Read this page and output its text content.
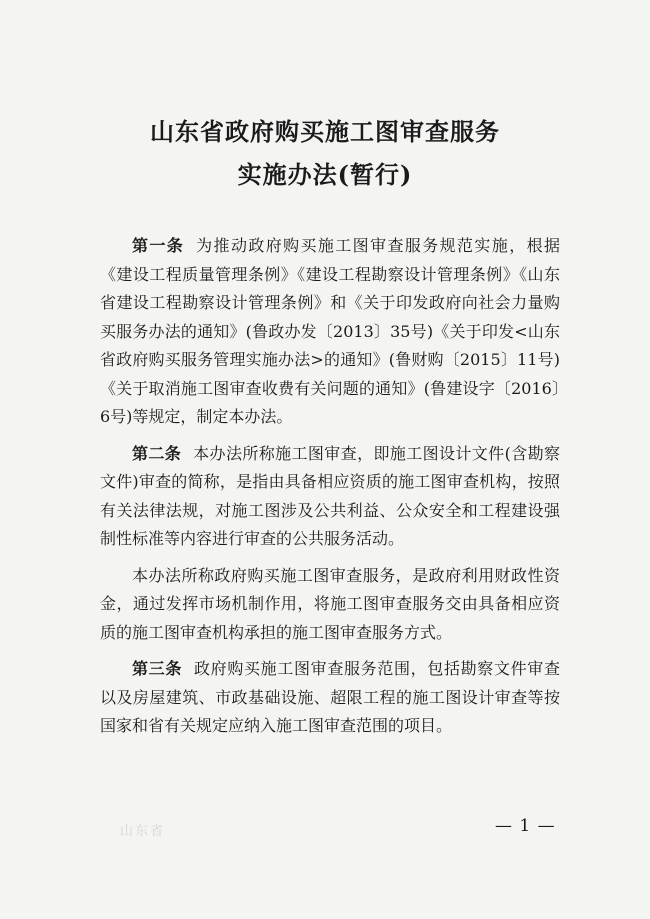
山东省政府购买施工图审查服务
实施办法(暂行)

第一条 为推动政府购买施工图审查服务规范实施，根据《建设工程质量管理条例》《建设工程勘察设计管理条例》《山东省建设工程勘察设计管理条例》和《关于印发政府向社会力量购买服务办法的通知》(鲁政办发〔2013〕35号)《关于印发<山东省政府购买服务管理实施办法>的通知》(鲁财购〔2015〕11号)《关于取消施工图审查收费有关问题的通知》(鲁建设字〔2016〕6号)等规定，制定本办法。

第二条 本办法所称施工图审查，即施工图设计文件(含勘察文件)审查的简称，是指由具备相应资质的施工图审查机构，按照有关法律法规，对施工图涉及公共利益、公众安全和工程建设强制性标准等内容进行审查的公共服务活动。

本办法所称政府购买施工图审查服务，是政府利用财政性资金，通过发挥市场机制作用，将施工图审查服务交由具备相应资质的施工图审查机构承担的施工图审查服务方式。

第三条 政府购买施工图审查服务范围，包括勘察文件审查以及房屋建筑、市政基础设施、超限工程的施工图设计审查等按国家和省有关规定应纳入施工图审查范围的项目。

山东省	— 1 —
